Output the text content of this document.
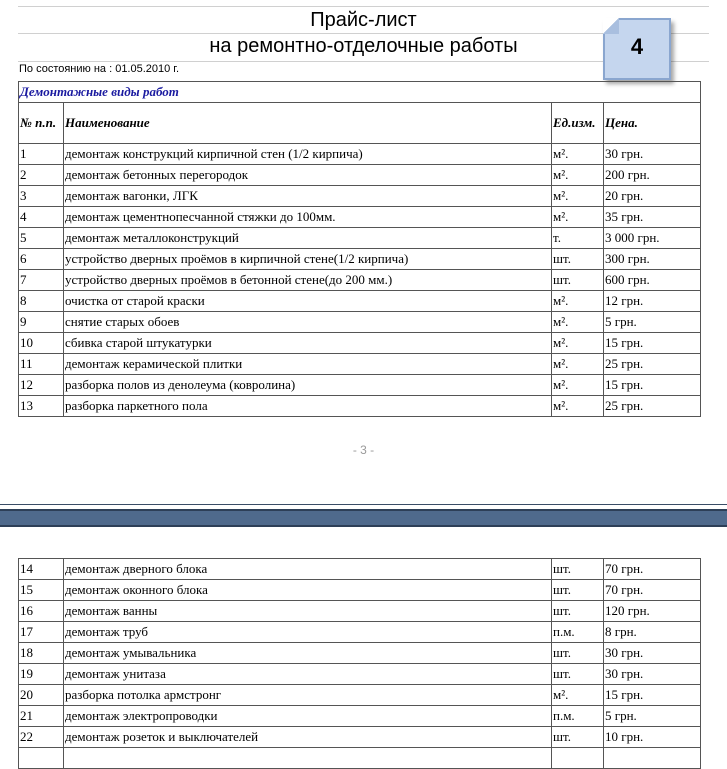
Прайс-лист
на ремонтно-отделочные работы	4
По состоянию на : 01.05.2010 г.
Демонтажные виды работ			
№ п.п.	Наименование	Ед.изм.	Цена.
1	демонтаж конструкций кирпичной стен (1/2 кирпича)	м².	30 грн.
2	демонтаж бетонных перегородок	м².	200 грн.
3	демонтаж вагонки, ЛГК	м².	20 грн.
4	демонтаж цементнопесчанной стяжки до 100мм.	м².	35 грн.
5	демонтаж металлоконструкций	т.	3 000 грн.
6	устройство дверных проёмов в кирпичной стене(1/2 кирпича)	шт.	300 грн.
7	устройство дверных проёмов в бетонной стене(до 200 мм.)	шт.	600 грн.
8	очистка от старой краски	м².	12 грн.
9	снятие старых обоев	м².	5 грн.
10	сбивка старой штукатурки	м².	15 грн.
11	демонтаж керамической плитки	м².	25 грн.
12	разборка полов из денолеума (ковролина)	м².	15 грн.
13	разборка паркетного пола	м².	25 грн.
- 3 -
14	демонтаж дверного блока	шт.	70 грн.
15	демонтаж оконного блока	шт.	70 грн.
16	демонтаж ванны	шт.	120 грн.
17	демонтаж труб	п.м.	8 грн.
18	демонтаж умывальника	шт.	30 грн.
19	демонтаж унитаза	шт.	30 грн.
20	разборка потолка армстронг	м².	15 грн.
21	демонтаж электропроводки	п.м.	5 грн.
22	демонтаж розеток и выключателей	шт.	10 грн.
